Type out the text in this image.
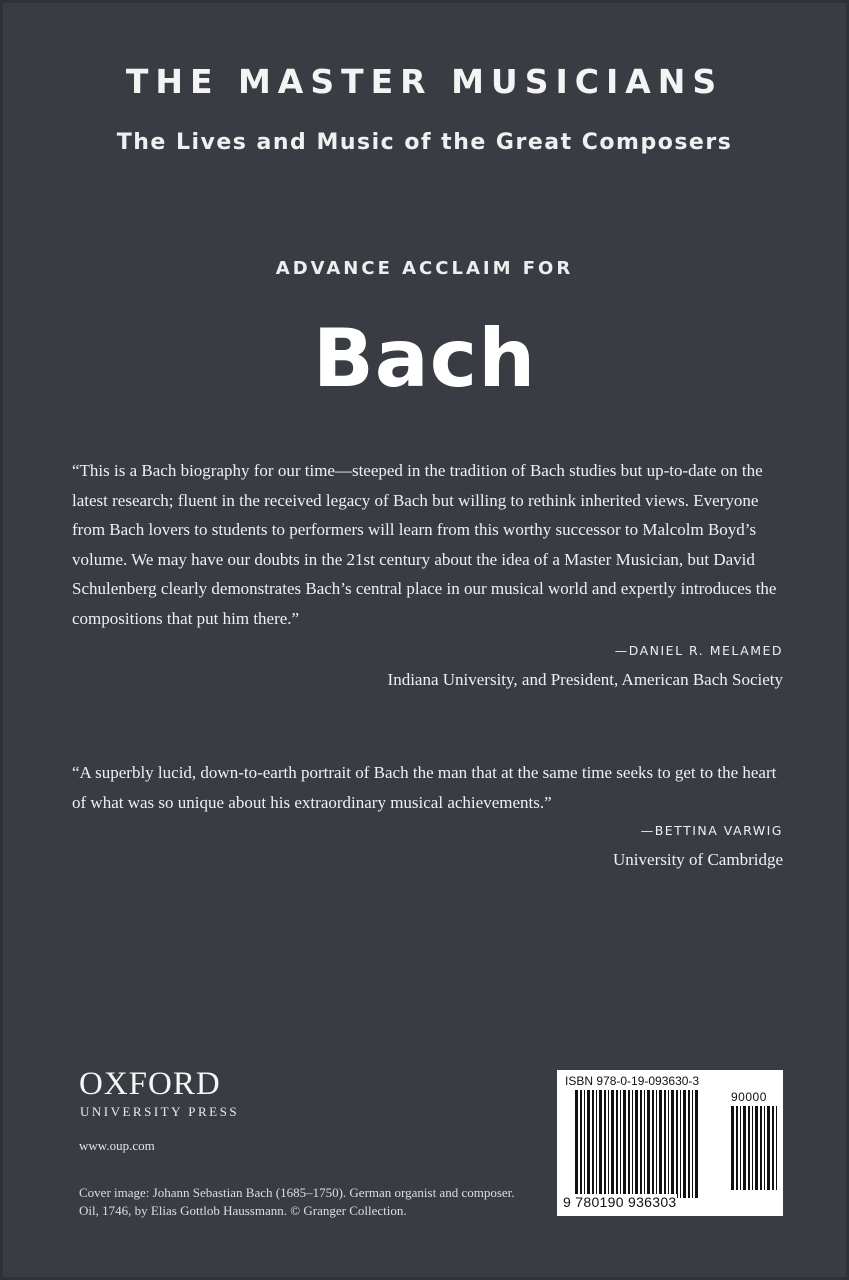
THE MASTER MUSICIANS
The Lives and Music of the Great Composers
ADVANCE ACCLAIM FOR
Bach
“This is a Bach biography for our time—steeped in the tradition of Bach studies but up-to-date on the latest research; fluent in the received legacy of Bach but willing to rethink inherited views. Everyone from Bach lovers to students to performers will learn from this worthy successor to Malcolm Boyd’s volume. We may have our doubts in the 21st century about the idea of a Master Musician, but David Schulenberg clearly demonstrates Bach’s central place in our musical world and expertly introduces the compositions that put him there.”
—DANIEL R. MELAMED
Indiana University, and President, American Bach Society
“A superbly lucid, down-to-earth portrait of Bach the man that at the same time seeks to get to the heart of what was so unique about his extraordinary musical achievements.”
—BETTINA VARWIG
University of Cambridge
OXFORD
UNIVERSITY PRESS
www.oup.com
Cover image: Johann Sebastian Bach (1685–1750). German organist and composer. Oil, 1746, by Elias Gottlob Haussmann. © Granger Collection.
ISBN 978-0-19-093630-3
90000
9 780190 936303
